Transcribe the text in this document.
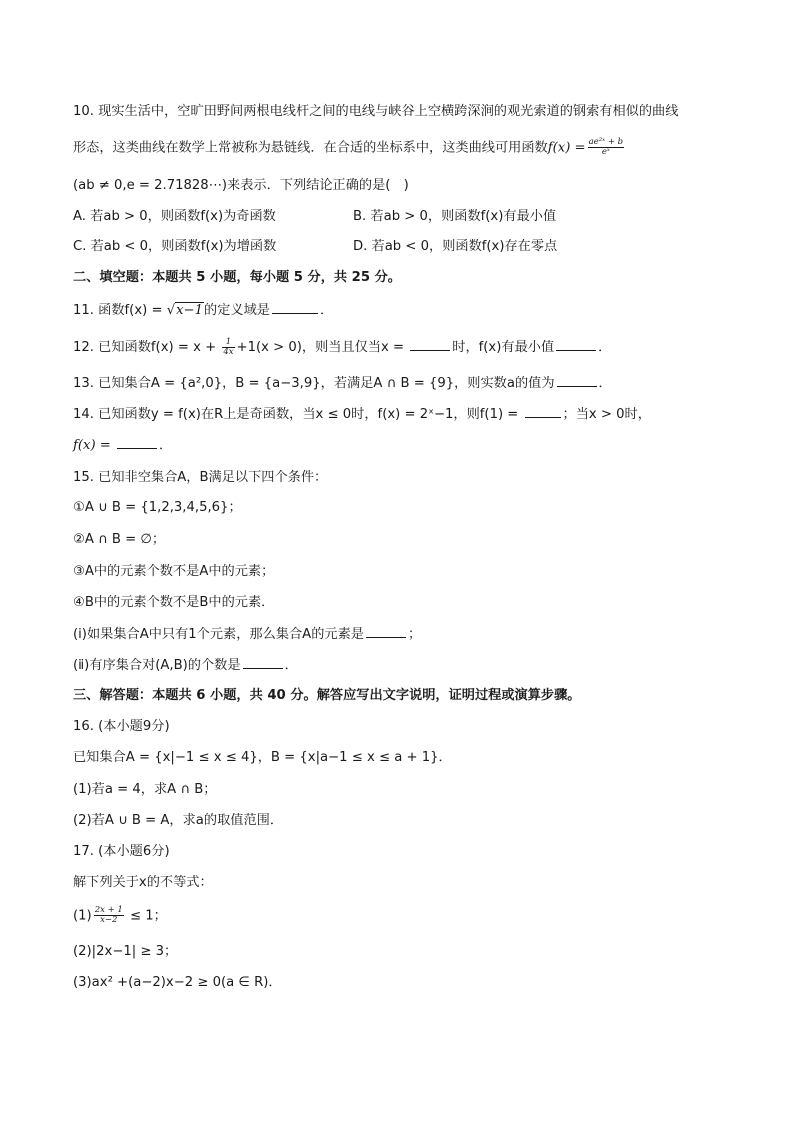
10. 现实生活中，空旷田野间两根电线杆之间的电线与峡谷上空横跨深涧的观光索道的钢索有相似的曲线
形态，这类曲线在数学上常被称为悬链线．在合适的坐标系中，这类曲线可用函数$f(x) = \frac{\text{ae²ˣ + b}}{\text{eˣ}}$
(ab ≠ 0,e = 2.71828⋯)来表示．下列结论正确的是(　)
A. 若ab > 0，则函数f(x)为奇函数	B. 若ab > 0，则函数f(x)有最小值
C. 若ab < 0，则函数f(x)为增函数	D. 若ab < 0，则函数f(x)存在零点
二、填空题：本题共 5 小题，每小题 5 分，共 25 分。
11. 函数f(x) = √x−1的定义域是	．
12. 已知函数$f(x) = x + \frac{1}{4x} +1(x > 0)$，则当且仅当x =	时，f(x)有最小值	．
13. 已知集合A = {a²,0}，B = {a−3,9}，若满足A ∩ B = {9}，则实数a的值为	．
14. 已知函数y = f(x)在R上是奇函数，当x ≤ 0时，f(x) = 2ˣ−1，则f(1) =	；当x > 0时，
f(x) =	．
15. 已知非空集合A，B满足以下四个条件：
①A ∪ B = {1,2,3,4,5,6}；
②A ∩ B = ∅；
③A中的元素个数不是A中的元素；
④B中的元素个数不是B中的元素．
(i)如果集合A中只有1个元素，那么集合A的元素是	；
(ⅱ)有序集合对(A,B)的个数是	．
三、解答题：本题共 6 小题，共 40 分。解答应写出文字说明，证明过程或演算步骤。
16. (本小题9分)
已知集合A = {x|−1 ≤ x ≤ 4}，B = {x|a−1 ≤ x ≤ a + 1}．
(1)若a = 4，求A ∩ B；
(2)若A ∪ B = A，求a的取值范围．
17. (本小题6分)
解下列关于x的不等式：
$(1) \frac{2x + 1}{x-2} \le 1$；
(2)|2x−1| ≥ 3；
(3)ax² +(a−2)x−2 ≥ 0(a ∈ R)．
